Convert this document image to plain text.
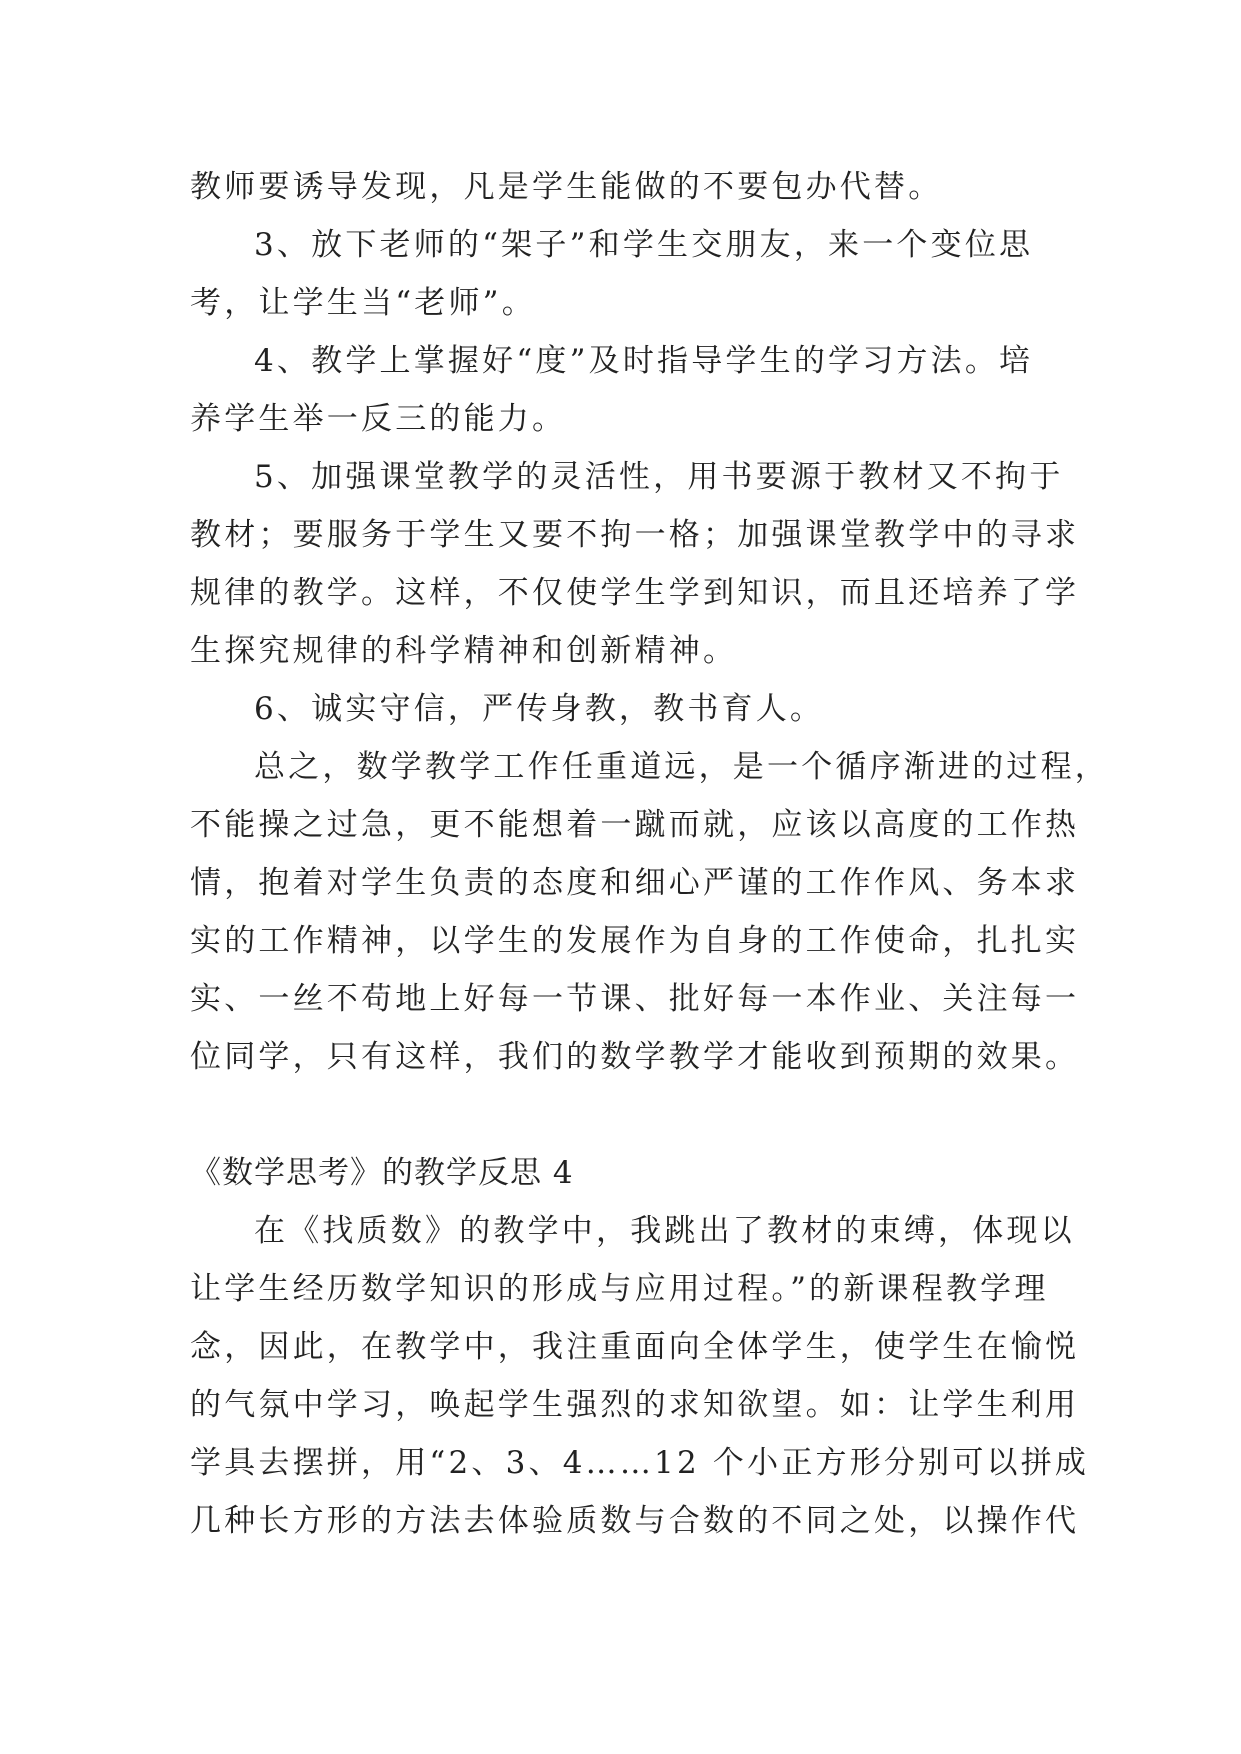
教师要诱导发现，凡是学生能做的不要包办代替。
3、放下老师的“架子”和学生交朋友，来一个变位思
考，让学生当“老师”。
4、教学上掌握好“度”及时指导学生的学习方法。培
养学生举一反三的能力。
5、加强课堂教学的灵活性，用书要源于教材又不拘于
教材；要服务于学生又要不拘一格；加强课堂教学中的寻求
规律的教学。这样，不仅使学生学到知识，而且还培养了学
生探究规律的科学精神和创新精神。
6、诚实守信，严传身教，教书育人。
总之，数学教学工作任重道远，是一个循序渐进的过程，
不能操之过急，更不能想着一蹴而就，应该以高度的工作热
情，抱着对学生负责的态度和细心严谨的工作作风、务本求
实的工作精神，以学生的发展作为自身的工作使命，扎扎实
实、一丝不苟地上好每一节课、批好每一本作业、关注每一
位同学，只有这样，我们的数学教学才能收到预期的效果。
《数学思考》的教学反思 4
在《找质数》的教学中，我跳出了教材的束缚，体现以
让学生经历数学知识的形成与应用过程。”的新课程教学理
念，因此，在教学中，我注重面向全体学生，使学生在愉悦
的气氛中学习，唤起学生强烈的求知欲望。如：让学生利用
学具去摆拼，用“2、3、4……12 个小正方形分别可以拼成
几种长方形的方法去体验质数与合数的不同之处，以操作代
